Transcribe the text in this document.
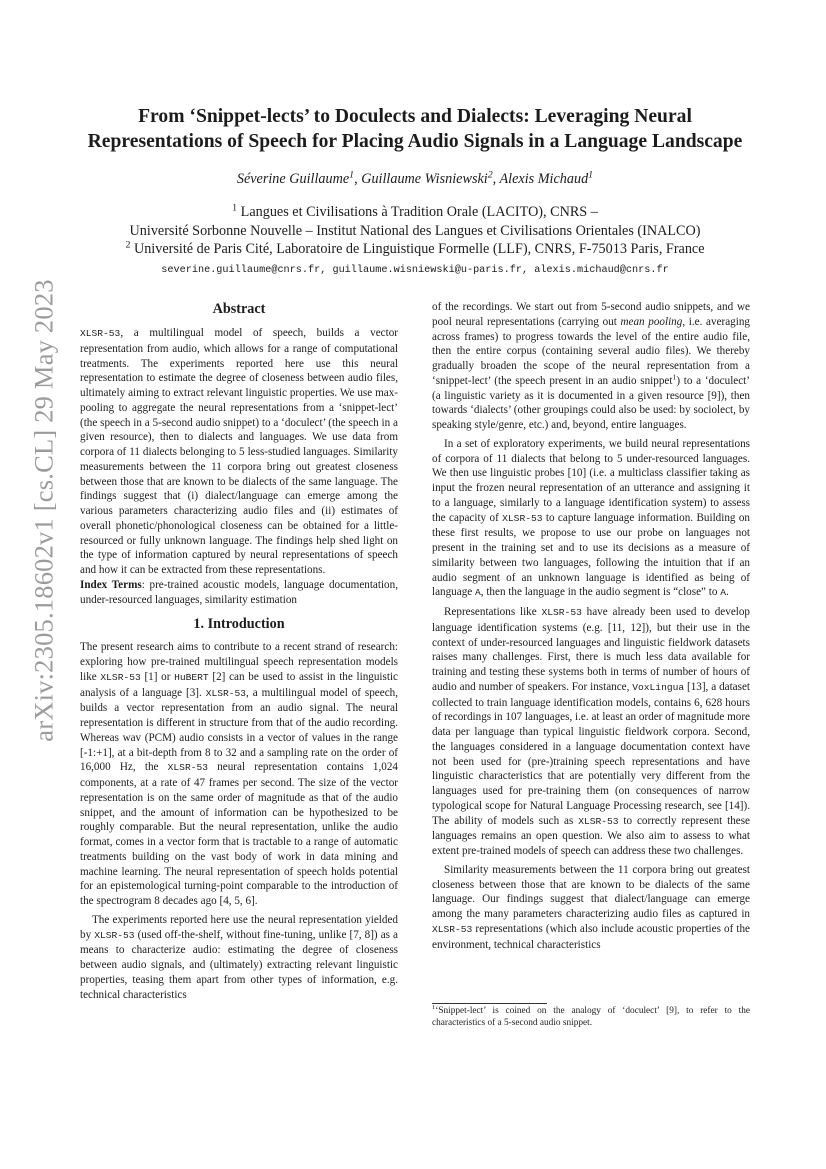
arXiv:2305.18602v1 [cs.CL] 29 May 2023
From ‘Snippet-lects’ to Doculects and Dialects: Leveraging Neural
Representations of Speech for Placing Audio Signals in a Language Landscape
Séverine Guillaume$^1$, Guillaume Wisniewski$^2$, Alexis Michaud$^1$
$^1$ Langues et Civilisations à Tradition Orale (LACITO), CNRS –
Université Sorbonne Nouvelle – Institut National des Langues et Civilisations Orientales (INALCO)
$^2$ Université de Paris Cité, Laboratoire de Linguistique Formelle (LLF), CNRS, F-75013 Paris, France
severine.guillaume@cnrs.fr, guillaume.wisniewski@u-paris.fr, alexis.michaud@cnrs.fr
Abstract

XLSR-53, a multilingual model of speech, builds a vector representation from audio, which allows for a range of computational treatments. The experiments reported here use this neural representation to estimate the degree of closeness between audio files, ultimately aiming to extract relevant linguistic properties. We use max-pooling to aggregate the neural representations from a ‘snippet-lect’ (the speech in a 5-second audio snippet) to a ‘doculect’ (the speech in a given resource), then to dialects and languages. We use data from corpora of 11 dialects belonging to 5 less-studied languages. Similarity measurements between the 11 corpora bring out greatest closeness between those that are known to be dialects of the same language. The findings suggest that (i) dialect/language can emerge among the various parameters characterizing audio files and (ii) estimates of overall phonetic/phonological closeness can be obtained for a little-resourced or fully unknown language. The findings help shed light on the type of information captured by neural representations of speech and how it can be extracted from these representations.

Index Terms: pre-trained acoustic models, language documentation, under-resourced languages, similarity estimation

1. Introduction

The present research aims to contribute to a recent strand of research: exploring how pre-trained multilingual speech representation models like XLSR-53 [1] or HuBERT [2] can be used to assist in the linguistic analysis of a language [3]. XLSR-53, a multilingual model of speech, builds a vector representation from an audio signal. The neural representation is different in structure from that of the audio recording. Whereas wav (PCM) audio consists in a vector of values in the range [-1:+1], at a bit-depth from 8 to 32 and a sampling rate on the order of 16,000 Hz, the XLSR-53 neural representation contains 1,024 components, at a rate of 47 frames per second. The size of the vector representation is on the same order of magnitude as that of the audio snippet, and the amount of information can be hypothesized to be roughly comparable. But the neural representation, unlike the audio format, comes in a vector form that is tractable to a range of automatic treatments building on the vast body of work in data mining and machine learning. The neural representation of speech holds potential for an epistemological turning-point comparable to the introduction of the spectrogram 8 decades ago [4, 5, 6].

The experiments reported here use the neural representation yielded by XLSR-53 (used off-the-shelf, without fine-tuning, unlike [7, 8]) as a means to characterize audio: estimating the degree of closeness between audio signals, and (ultimately) extracting relevant linguistic properties, teasing them apart from other types of information, e.g. technical characteristics

of the recordings. We start out from 5-second audio snippets, and we pool neural representations (carrying out mean pooling, i.e. averaging across frames) to progress towards the level of the entire audio file, then the entire corpus (containing several audio files). We thereby gradually broaden the scope of the neural representation from a ‘snippet-lect’ (the speech present in an audio snippet$^1$) to a ‘doculect’ (a linguistic variety as it is documented in a given resource [9]), then towards ‘dialects’ (other groupings could also be used: by sociolect, by speaking style/genre, etc.) and, beyond, entire languages.

In a set of exploratory experiments, we build neural representations of corpora of 11 dialects that belong to 5 under-resourced languages. We then use linguistic probes [10] (i.e. a multiclass classifier taking as input the frozen neural representation of an utterance and assigning it to a language, similarly to a language identification system) to assess the capacity of XLSR-53 to capture language information. Building on these first results, we propose to use our probe on languages not present in the training set and to use its decisions as a measure of similarity between two languages, following the intuition that if an audio segment of an unknown language is identified as being of language A, then the language in the audio segment is “close” to A.

Representations like XLSR-53 have already been used to develop language identification systems (e.g. [11, 12]), but their use in the context of under-resourced languages and linguistic fieldwork datasets raises many challenges. First, there is much less data available for training and testing these systems both in terms of number of hours of audio and number of speakers. For instance, VoxLingua [13], a dataset collected to train language identification models, contains 6, 628 hours of recordings in 107 languages, i.e. at least an order of magnitude more data per language than typical linguistic fieldwork corpora. Second, the languages considered in a language documentation context have not been used for (pre-)training speech representations and have linguistic characteristics that are potentially very different from the languages used for pre-training them (on consequences of narrow typological scope for Natural Language Processing research, see [14]). The ability of models such as XLSR-53 to correctly represent these languages remains an open question. We also aim to assess to what extent pre-trained models of speech can address these two challenges.

Similarity measurements between the 11 corpora bring out greatest closeness between those that are known to be dialects of the same language. Our findings suggest that dialect/language can emerge among the many parameters characterizing audio files as captured in XLSR-53 representations (which also include acoustic properties of the environment, technical characteristics

$^1$‘Snippet-lect’ is coined on the analogy of ‘doculect’ [9], to refer to the characteristics of a 5-second audio snippet.
